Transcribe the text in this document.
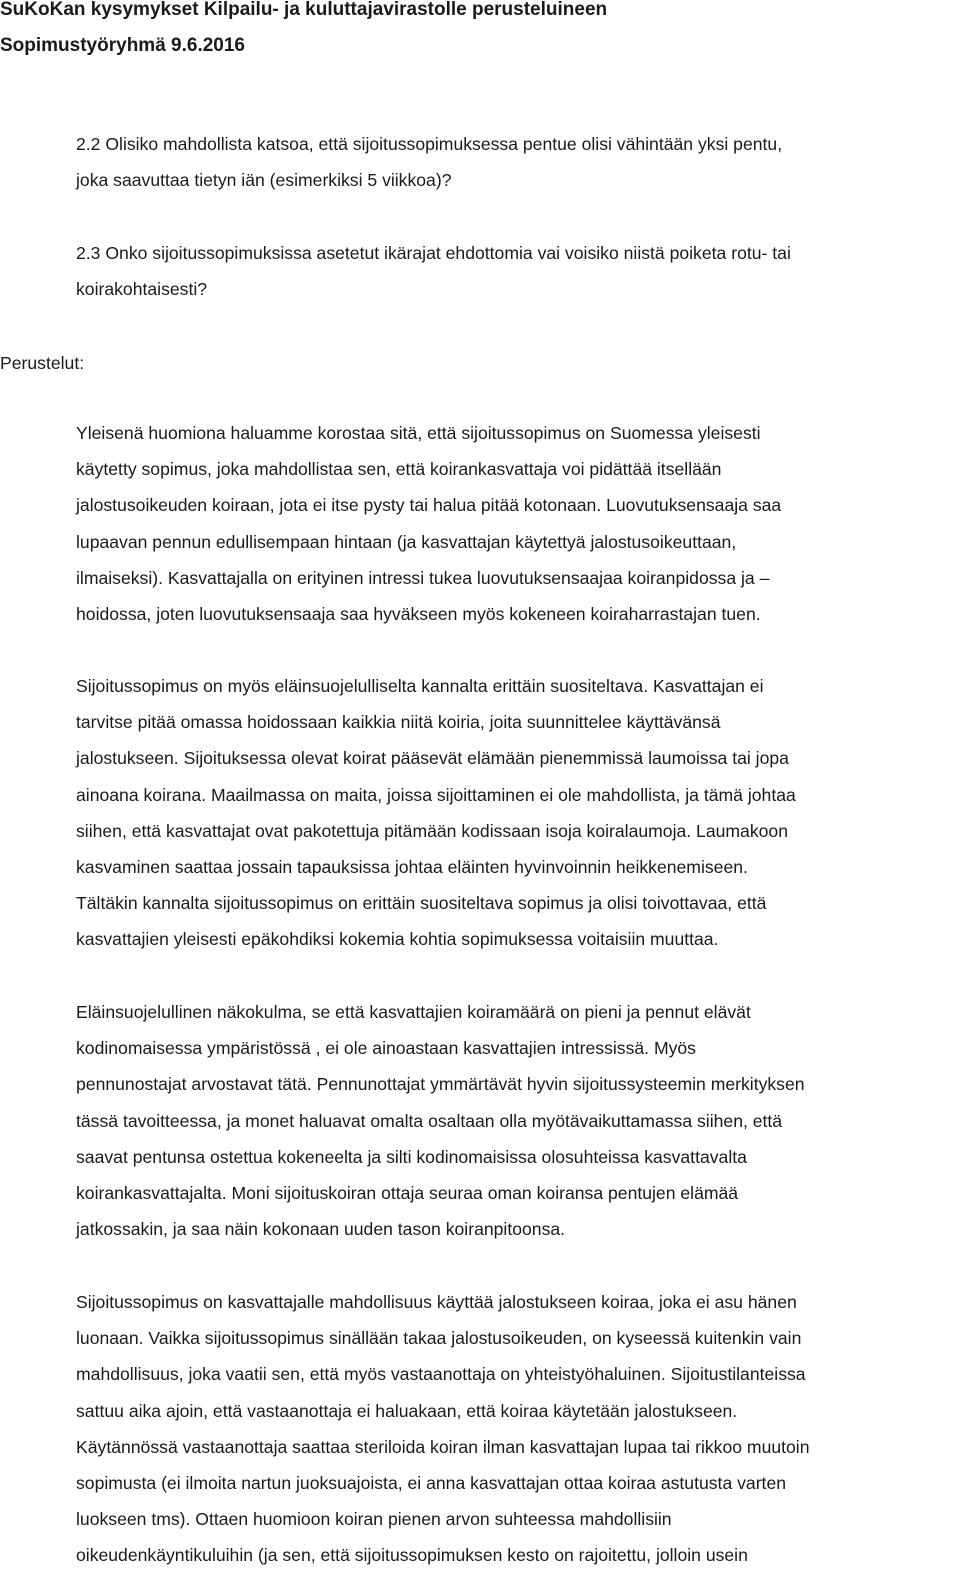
SuKoKan kysymykset Kilpailu- ja kuluttajavirastolle perusteluineen

Sopimustyöryhmä 9.6.2016

2.2 Olisiko mahdollista katsoa, että sijoitussopimuksessa pentue olisi vähintään yksi pentu,
joka saavuttaa tietyn iän (esimerkiksi 5 viikkoa)?

2.3 Onko sijoitussopimuksissa asetetut ikärajat ehdottomia vai voisiko niistä poiketa rotu- tai
koirakohtaisesti?

Perustelut:

Yleisenä huomiona haluamme korostaa sitä, että sijoitussopimus on Suomessa yleisesti
käytetty sopimus, joka mahdollistaa sen, että koirankasvattaja voi pidättää itsellään
jalostusoikeuden koiraan, jota ei itse pysty tai halua pitää kotonaan. Luovutuksensaaja saa
lupaavan pennun edullisempaan hintaan (ja kasvattajan käytettyä jalostusoikeuttaan,
ilmaiseksi). Kasvattajalla on erityinen intressi tukea luovutuksensaajaa koiranpidossa ja –
hoidossa, joten luovutuksensaaja saa hyväkseen myös kokeneen koiraharrastajan tuen.

Sijoitussopimus on myös eläinsuojelulliselta kannalta erittäin suositeltava. Kasvattajan ei
tarvitse pitää omassa hoidossaan kaikkia niitä koiria, joita suunnittelee käyttävänsä
jalostukseen. Sijoituksessa olevat koirat pääsevät elämään pienemmissä laumoissa tai jopa
ainoana koirana. Maailmassa on maita, joissa sijoittaminen ei ole mahdollista, ja tämä johtaa
siihen, että kasvattajat ovat pakotettuja pitämään kodissaan isoja koiralaumoja. Laumakoon
kasvaminen saattaa jossain tapauksissa johtaa eläinten hyvinvoinnin heikkenemiseen.
Tältäkin kannalta sijoitussopimus on erittäin suositeltava sopimus ja olisi toivottavaa, että
kasvattajien yleisesti epäkohdiksi kokemia kohtia sopimuksessa voitaisiin muuttaa.

Eläinsuojelullinen näkokulma, se että kasvattajien koiramäärä on pieni ja pennut elävät
kodinomaisessa ympäristössä , ei ole ainoastaan kasvattajien intressissä. Myös
pennunostajat arvostavat tätä. Pennunottajat ymmärtävät hyvin sijoitussysteemin merkityksen
tässä tavoitteessa, ja monet haluavat omalta osaltaan olla myötävaikuttamassa siihen, että
saavat pentunsa ostettua kokeneelta ja silti kodinomaisissa olosuhteissa kasvattavalta
koirankasvattajalta. Moni sijoituskoiran ottaja seuraa oman koiransa pentujen elämää
jatkossakin, ja saa näin kokonaan uuden tason koiranpitoonsa.

Sijoitussopimus on kasvattajalle mahdollisuus käyttää jalostukseen koiraa, joka ei asu hänen
luonaan. Vaikka sijoitussopimus sinällään takaa jalostusoikeuden, on kyseessä kuitenkin vain
mahdollisuus, joka vaatii sen, että myös vastaanottaja on yhteistyöhaluinen. Sijoitustilanteissa
sattuu aika ajoin, että vastaanottaja ei haluakaan, että koiraa käytetään jalostukseen.
Käytännössä vastaanottaja saattaa steriloida koiran ilman kasvattajan lupaa tai rikkoo muutoin
sopimusta (ei ilmoita nartun juoksuajoista, ei anna kasvattajan ottaa koiraa astutusta varten
luokseen tms). Ottaen huomioon koiran pienen arvon suhteessa mahdollisiin
oikeudenkäyntikuluihin (ja sen, että sijoitussopimuksen kesto on rajoitettu, jolloin usein
